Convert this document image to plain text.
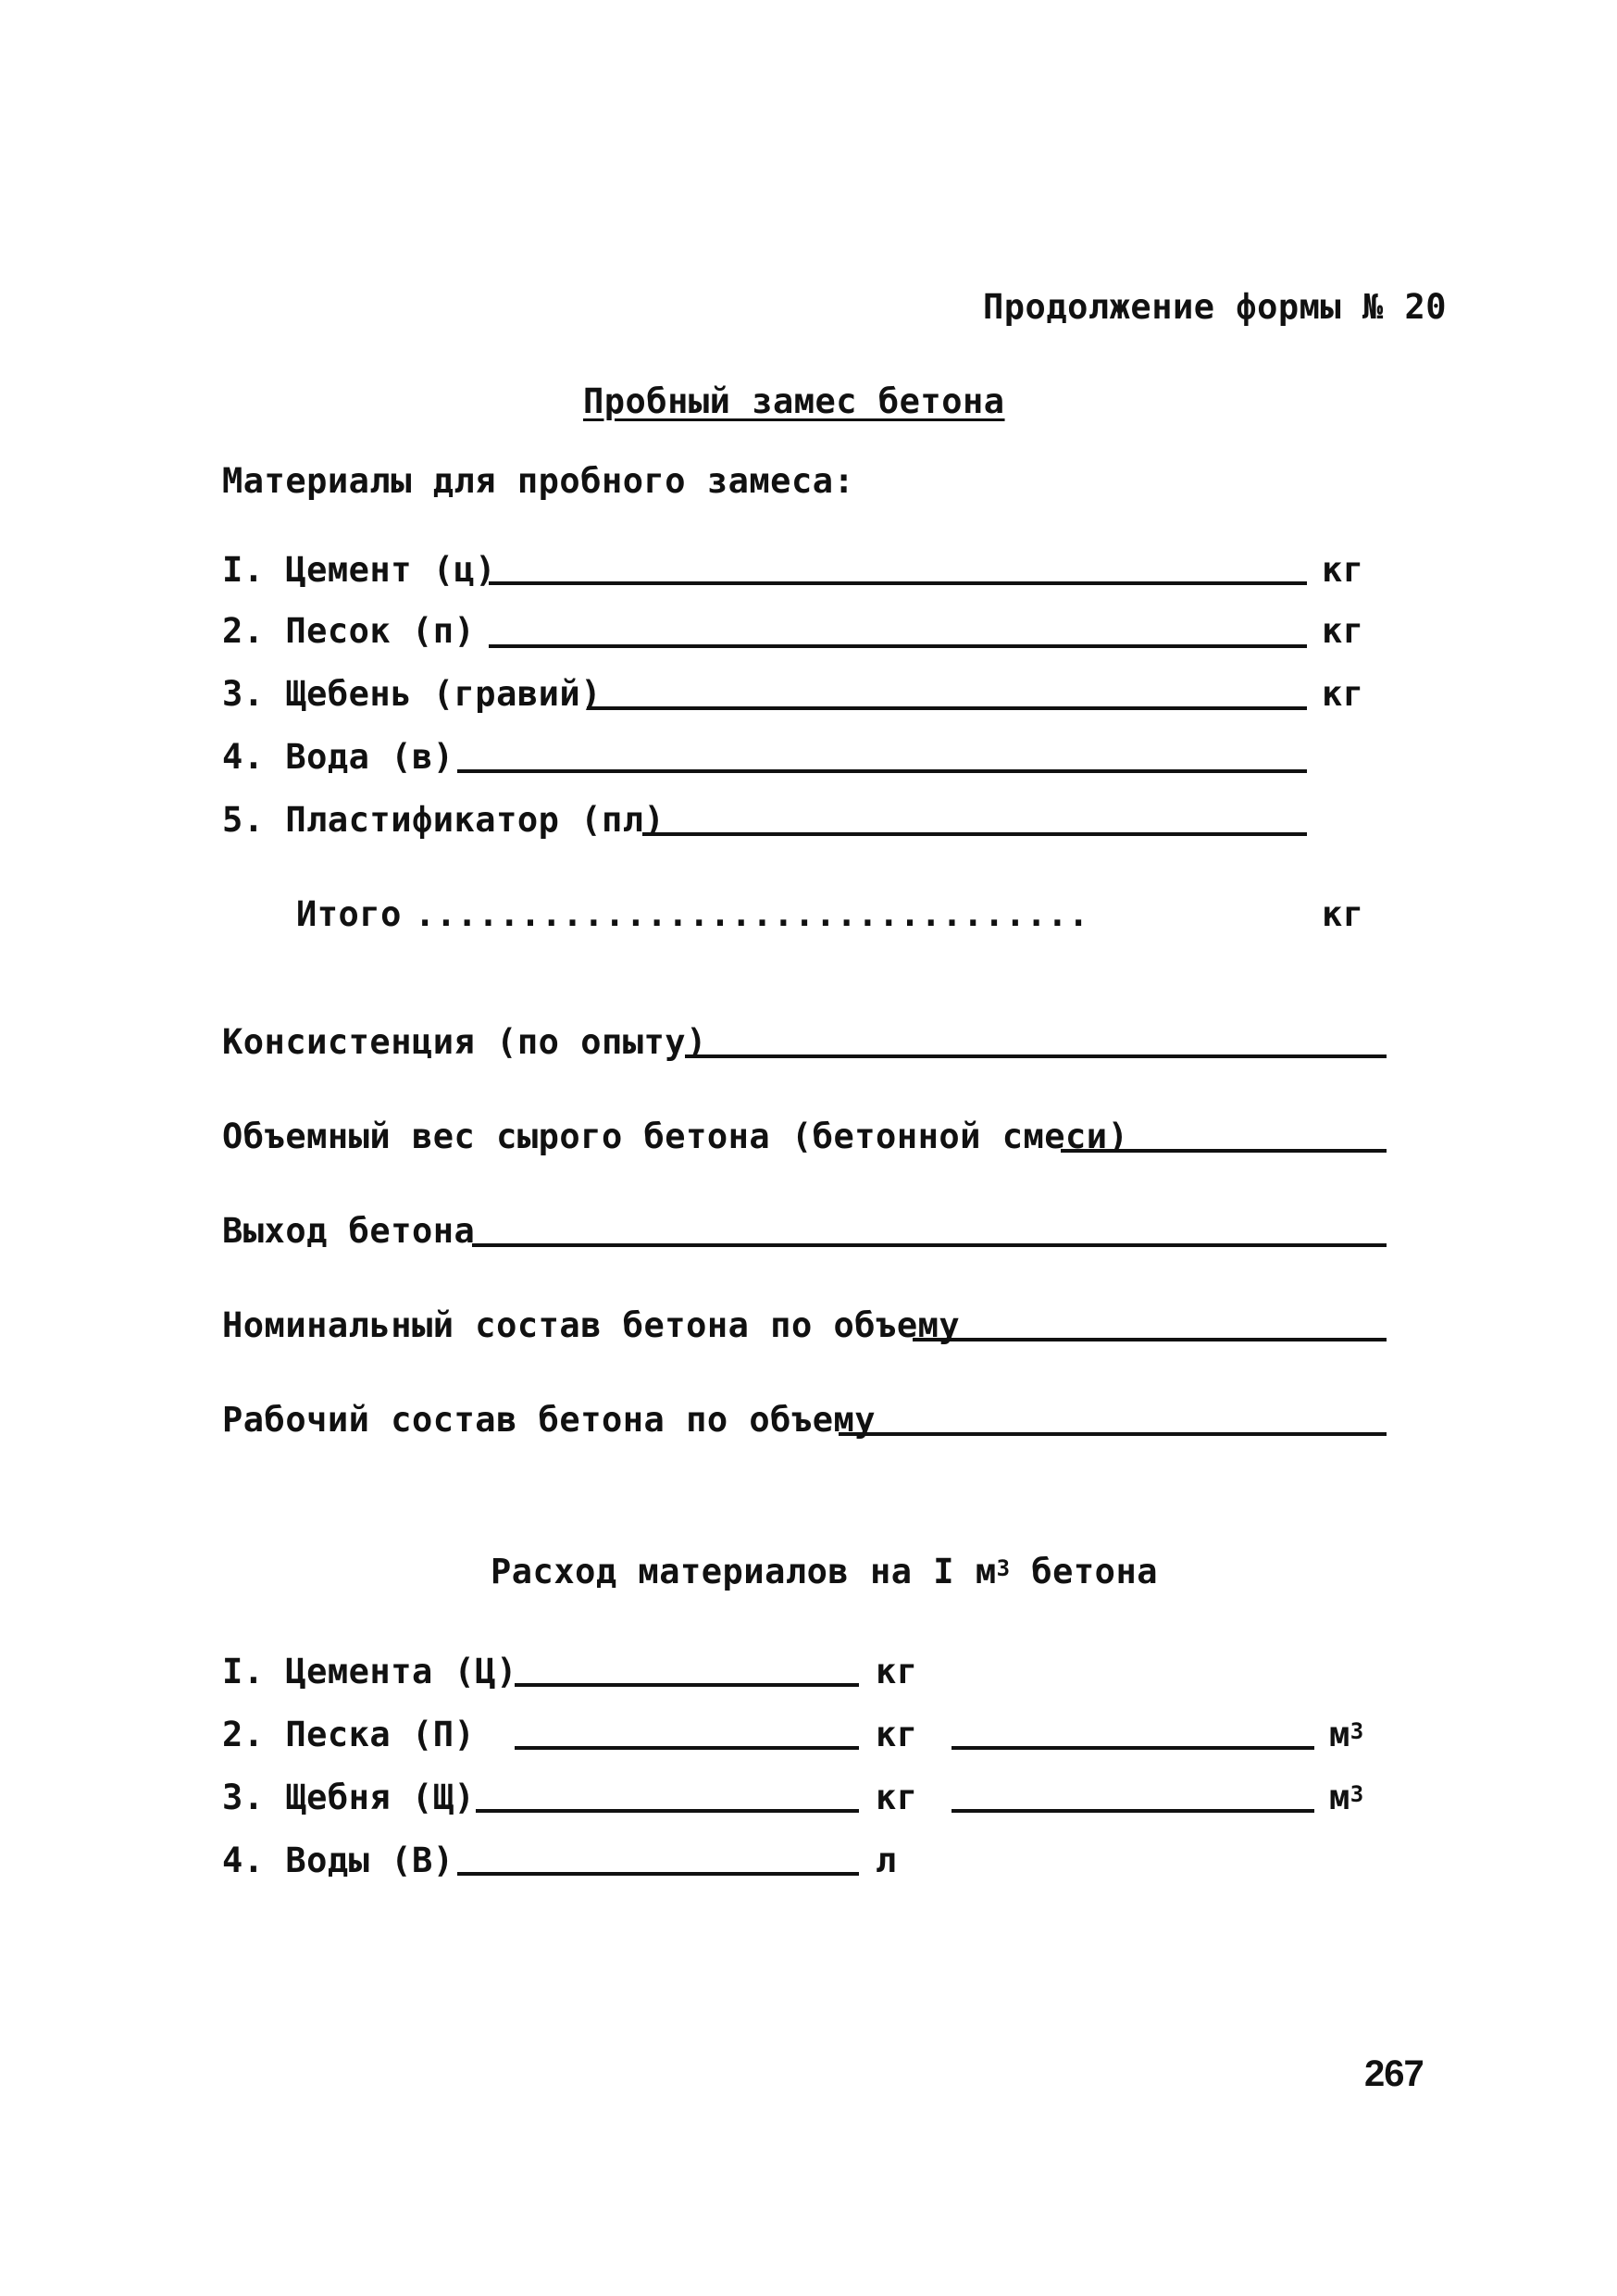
Продолжение формы № 20
Пробный замес бетона
Материалы для пробного замеса:
I. Цемент (ц)	кг
2. Песок (п)	кг
3. Щебень (гравий)	кг
4. Вода (в)
5. Пластификатор (пл)
Итого ................................	кг
Консистенция (по опыту)
Объемный вес сырого бетона (бетонной смеси)
Выход бетона
Номинальный состав бетона по объему
Рабочий состав бетона по объему
Расход материалов на I $м^3$ бетона
I. Цемента (Ц)	кг
2. Песка (П)	кг	$м^3$
3. Щебня (Щ)	кг	$м^3$
4. Воды (В)	л
267
